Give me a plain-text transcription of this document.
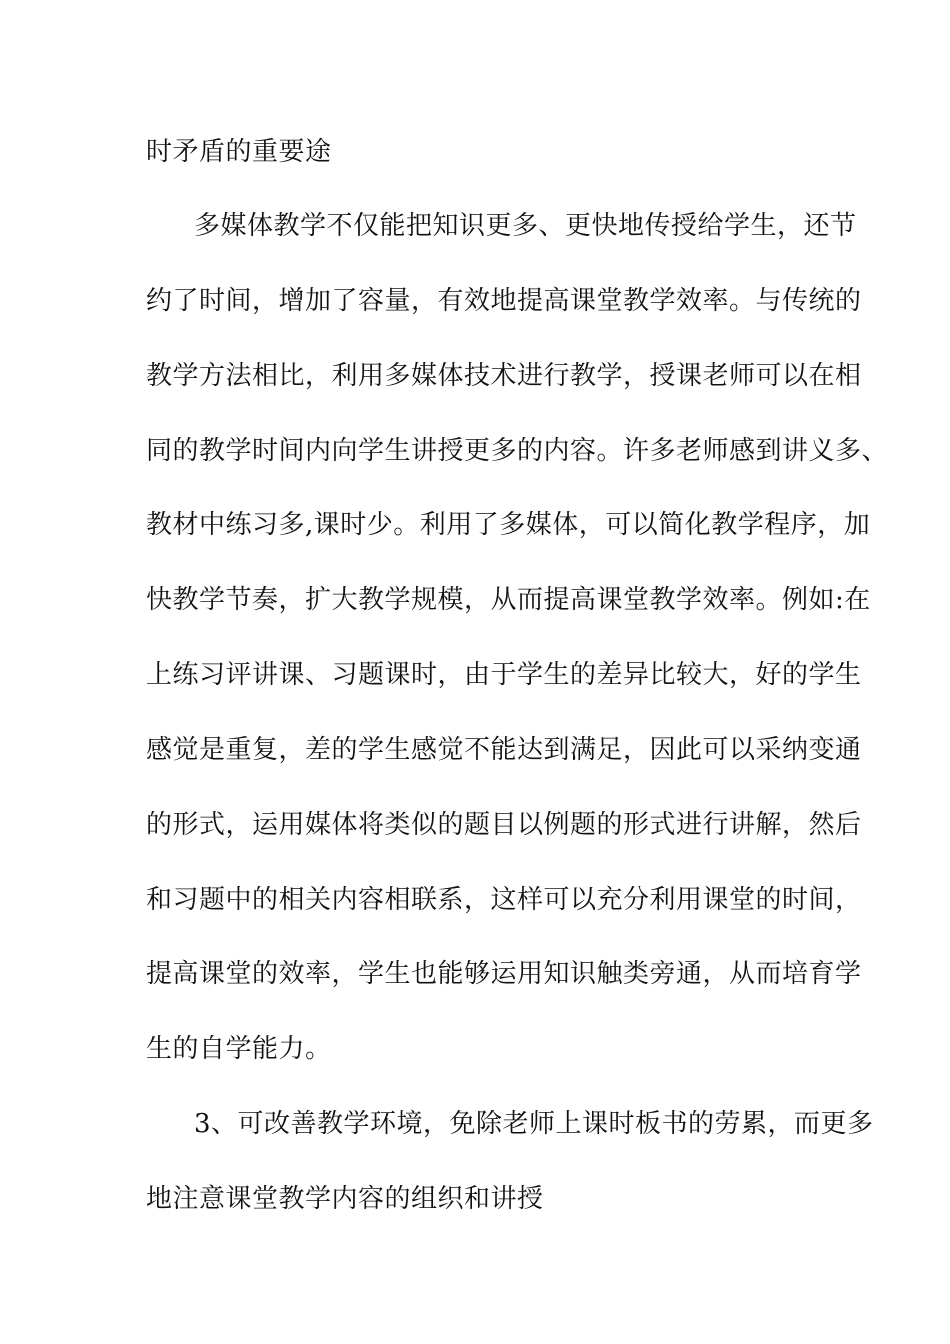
时矛盾的重要途

多媒体教学不仅能把知识更多、更快地传授给学生，还节

约了时间，增加了容量，有效地提高课堂教学效率。与传统的

教学方法相比，利用多媒体技术进行教学，授课老师可以在相

同的教学时间内向学生讲授更多的内容。许多老师感到讲义多、

教材中练习多,课时少。利用了多媒体，可以简化教学程序，加

快教学节奏，扩大教学规模，从而提高课堂教学效率。例如:在

上练习评讲课、习题课时，由于学生的差异比较大，好的学生

感觉是重复，差的学生感觉不能达到满足，因此可以采纳变通

的形式，运用媒体将类似的题目以例题的形式进行讲解，然后

和习题中的相关内容相联系，这样可以充分利用课堂的时间，

提高课堂的效率，学生也能够运用知识触类旁通，从而培育学

生的自学能力。

3、可改善教学环境，免除老师上课时板书的劳累，而更多

地注意课堂教学内容的组织和讲授
